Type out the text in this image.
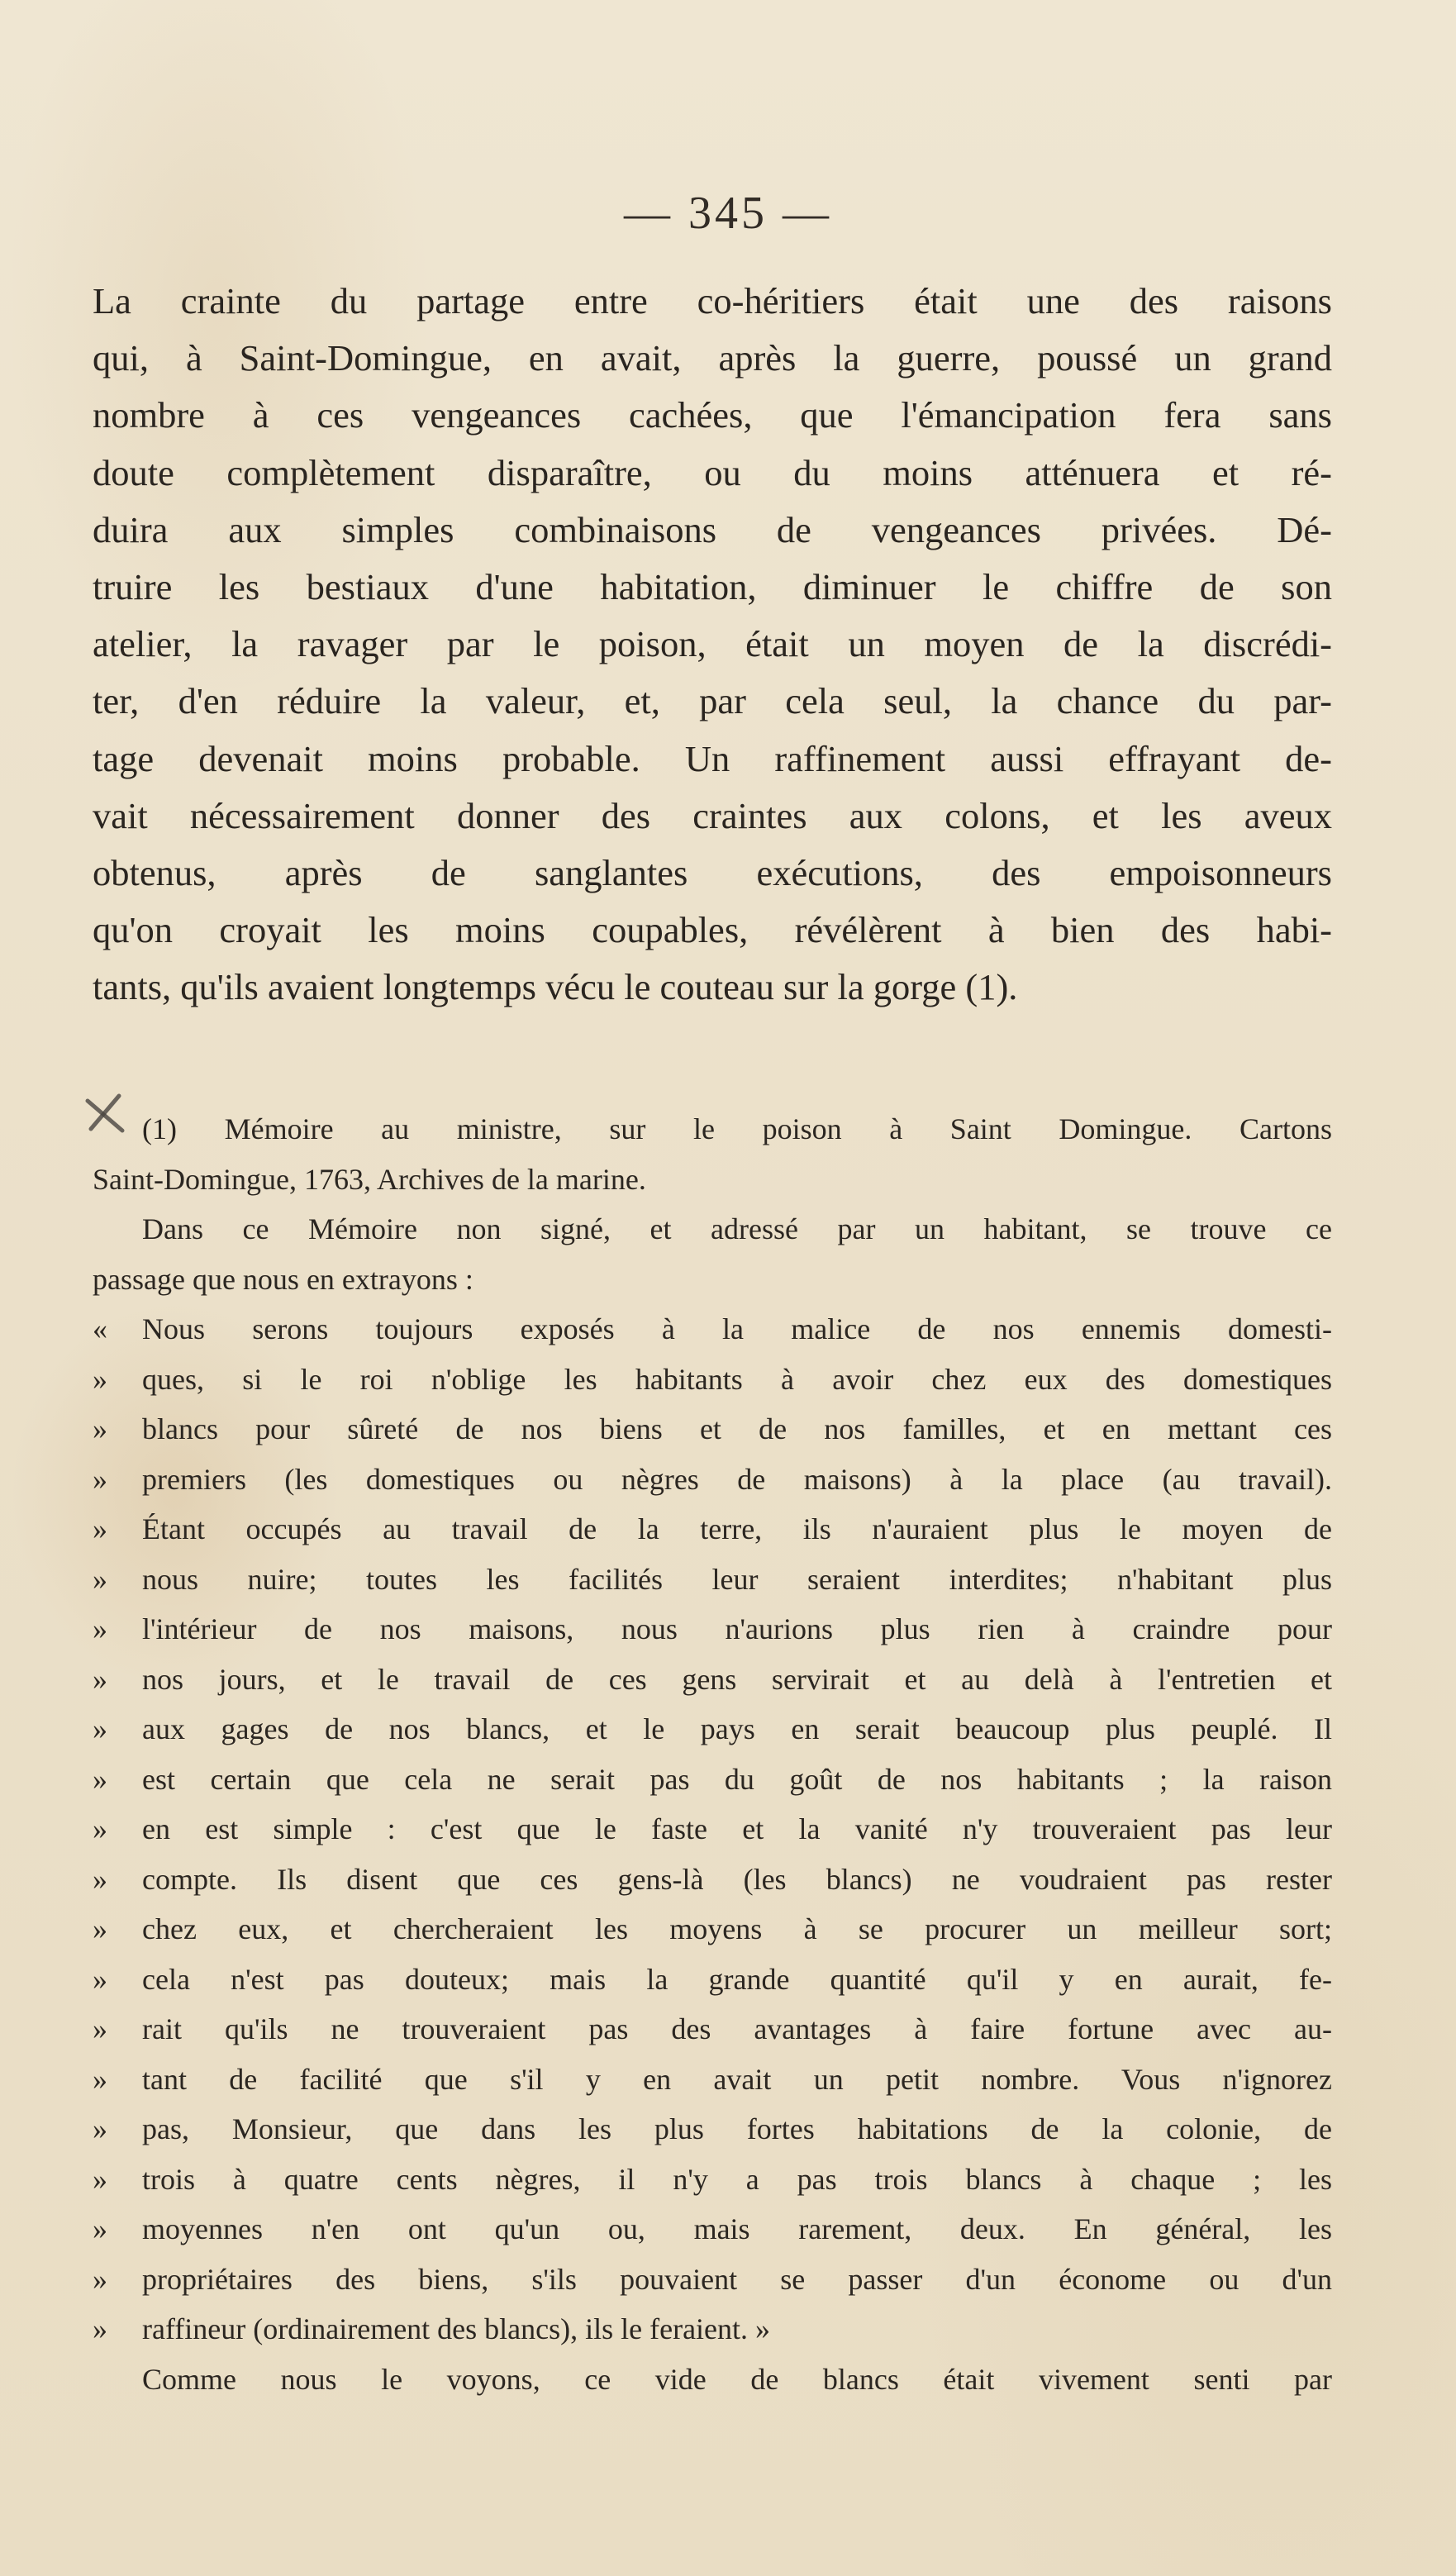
— 345 —
La crainte du partage entre co-héritiers était une des raisons
qui, à Saint-Domingue, en avait, après la guerre, poussé un grand
nombre à ces vengeances cachées, que l'émancipation fera sans
doute complètement disparaître, ou du moins atténuera et ré-
duira aux simples combinaisons de vengeances privées. Dé-
truire les bestiaux d'une habitation, diminuer le chiffre de son
atelier, la ravager par le poison, était un moyen de la discrédi-
ter, d'en réduire la valeur, et, par cela seul, la chance du par-
tage devenait moins probable. Un raffinement aussi effrayant de-
vait nécessairement donner des craintes aux colons, et les aveux
obtenus, après de sanglantes exécutions, des empoisonneurs
qu'on croyait les moins coupables, révélèrent à bien des habi-
tants, qu'ils avaient longtemps vécu le couteau sur la gorge (1).
(1) Mémoire au ministre, sur le poison à Saint Domingue. Cartons
Saint-Domingue, 1763, Archives de la marine.
Dans ce Mémoire non signé, et adressé par un habitant, se trouve ce
passage que nous en extrayons :
« Nous serons toujours exposés à la malice de nos ennemis domesti-
» ques, si le roi n'oblige les habitants à avoir chez eux des domestiques
» blancs pour sûreté de nos biens et de nos familles, et en mettant ces
» premiers (les domestiques ou nègres de maisons) à la place (au travail).
» Étant occupés au travail de la terre, ils n'auraient plus le moyen de
» nous nuire; toutes les facilités leur seraient interdites; n'habitant plus
» l'intérieur de nos maisons, nous n'aurions plus rien à craindre pour
» nos jours, et le travail de ces gens servirait et au delà à l'entretien et
» aux gages de nos blancs, et le pays en serait beaucoup plus peuplé. Il
» est certain que cela ne serait pas du goût de nos habitants ; la raison
» en est simple : c'est que le faste et la vanité n'y trouveraient pas leur
» compte. Ils disent que ces gens-là (les blancs) ne voudraient pas rester
» chez eux, et chercheraient les moyens à se procurer un meilleur sort;
» cela n'est pas douteux; mais la grande quantité qu'il y en aurait, fe-
» rait qu'ils ne trouveraient pas des avantages à faire fortune avec au-
» tant de facilité que s'il y en avait un petit nombre. Vous n'ignorez
» pas, Monsieur, que dans les plus fortes habitations de la colonie, de
» trois à quatre cents nègres, il n'y a pas trois blancs à chaque ; les
» moyennes n'en ont qu'un ou, mais rarement, deux. En général, les
» propriétaires des biens, s'ils pouvaient se passer d'un économe ou d'un
» raffineur (ordinairement des blancs), ils le feraient. »
Comme nous le voyons, ce vide de blancs était vivement senti par
